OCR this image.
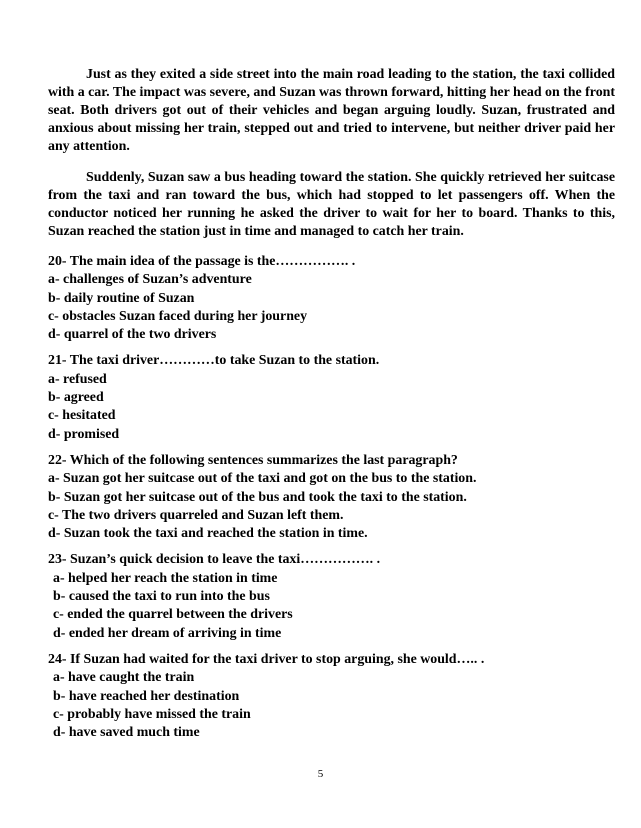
Just as they exited a side street into the main road leading to the station, the taxi collided with a car. The impact was severe, and Suzan was thrown forward, hitting her head on the front seat. Both drivers got out of their vehicles and began arguing loudly. Suzan, frustrated and anxious about missing her train, stepped out and tried to intervene, but neither driver paid her any attention.

Suddenly, Suzan saw a bus heading toward the station. She quickly retrieved her suitcase from the taxi and ran toward the bus, which had stopped to let passengers off. When the conductor noticed her running he asked the driver to wait for her to board. Thanks to this, Suzan reached the station just in time and managed to catch her train.

20- The main idea of the passage is the……………. .

a- challenges of Suzan’s adventure
b- daily routine of Suzan
c- obstacles Suzan faced during her journey
d- quarrel of the two drivers

21- The taxi driver…………to take Suzan to the station.

a- refused
b- agreed
c- hesitated
d- promised

22- Which of the following sentences summarizes the last paragraph?

a- Suzan got her suitcase out of the taxi and got on the bus to the station.
b- Suzan got her suitcase out of the bus and took the taxi to the station.
c- The two drivers quarreled and Suzan left them.
d- Suzan took the taxi and reached the station in time.

23- Suzan’s quick decision to leave the taxi……………. .

a- helped her reach the station in time
b- caused the taxi to run into the bus
c- ended the quarrel between the drivers
d- ended her dream of arriving in time

24- If Suzan had waited for the taxi driver to stop arguing, she would….. .

a- have caught the train
b- have reached her destination
c- probably have missed the train
d- have saved much time
5
